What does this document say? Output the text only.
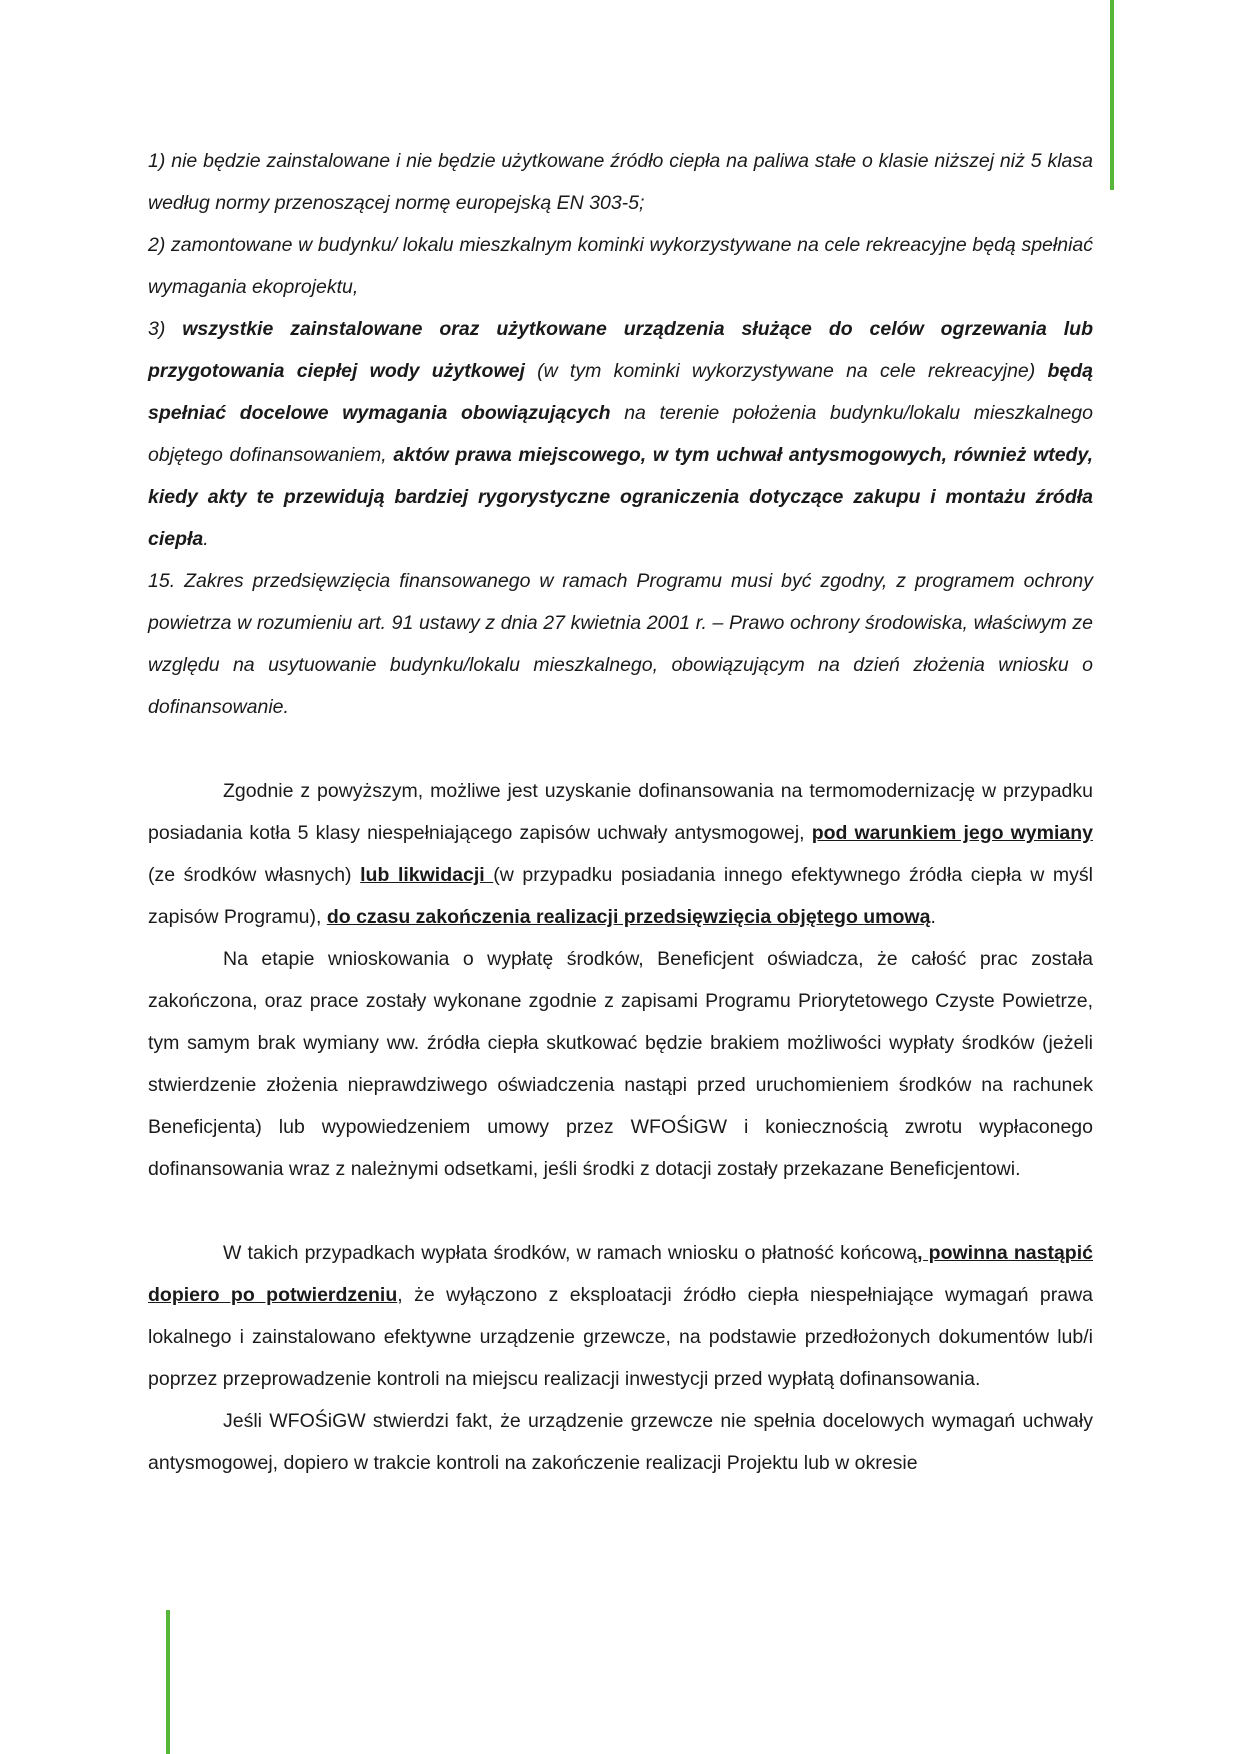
1) nie będzie zainstalowane i nie będzie użytkowane źródło ciepła na paliwa stałe o klasie niższej niż 5 klasa według normy przenoszącej normę europejską EN 303-5;

2) zamontowane w budynku/ lokalu mieszkalnym kominki wykorzystywane na cele rekreacyjne będą spełniać wymagania ekoprojektu,

3) wszystkie zainstalowane oraz użytkowane urządzenia służące do celów ogrzewania lub przygotowania ciepłej wody użytkowej (w tym kominki wykorzystywane na cele rekreacyjne) będą spełniać docelowe wymagania obowiązujących na terenie położenia budynku/lokalu mieszkalnego objętego dofinansowaniem, aktów prawa miejscowego, w tym uchwał antysmogowych, również wtedy, kiedy akty te przewidują bardziej rygorystyczne ograniczenia dotyczące zakupu i montażu źródła ciepła.

15. Zakres przedsięwzięcia finansowanego w ramach Programu musi być zgodny, z programem ochrony powietrza w rozumieniu art. 91 ustawy z dnia 27 kwietnia 2001 r. – Prawo ochrony środowiska, właściwym ze względu na usytuowanie budynku/lokalu mieszkalnego, obowiązującym na dzień złożenia wniosku o dofinansowanie.

Zgodnie z powyższym, możliwe jest uzyskanie dofinansowania na termomodernizację w przypadku posiadania kotła 5 klasy niespełniającego zapisów uchwały antysmogowej, pod warunkiem jego wymiany (ze środków własnych) lub likwidacji (w przypadku posiadania innego efektywnego źródła ciepła w myśl zapisów Programu), do czasu zakończenia realizacji przedsięwzięcia objętego umową.

Na etapie wnioskowania o wypłatę środków, Beneficjent oświadcza, że całość prac została zakończona, oraz prace zostały wykonane zgodnie z zapisami Programu Priorytetowego Czyste Powietrze, tym samym brak wymiany ww. źródła ciepła skutkować będzie brakiem możliwości wypłaty środków (jeżeli stwierdzenie złożenia nieprawdziwego oświadczenia nastąpi przed uruchomieniem środków na rachunek Beneficjenta) lub wypowiedzeniem umowy przez WFOŚiGW i koniecznością zwrotu wypłaconego dofinansowania wraz z należnymi odsetkami, jeśli środki z dotacji zostały przekazane Beneficjentowi.

W takich przypadkach wypłata środków, w ramach wniosku o płatność końcową, powinna nastąpić dopiero po potwierdzeniu, że wyłączono z eksploatacji źródło ciepła niespełniające wymagań prawa lokalnego i zainstalowano efektywne urządzenie grzewcze, na podstawie przedłożonych dokumentów lub/i poprzez przeprowadzenie kontroli na miejscu realizacji inwestycji przed wypłatą dofinansowania.

Jeśli WFOŚiGW stwierdzi fakt, że urządzenie grzewcze nie spełnia docelowych wymagań uchwały antysmogowej, dopiero w trakcie kontroli na zakończenie realizacji Projektu lub w okresie
